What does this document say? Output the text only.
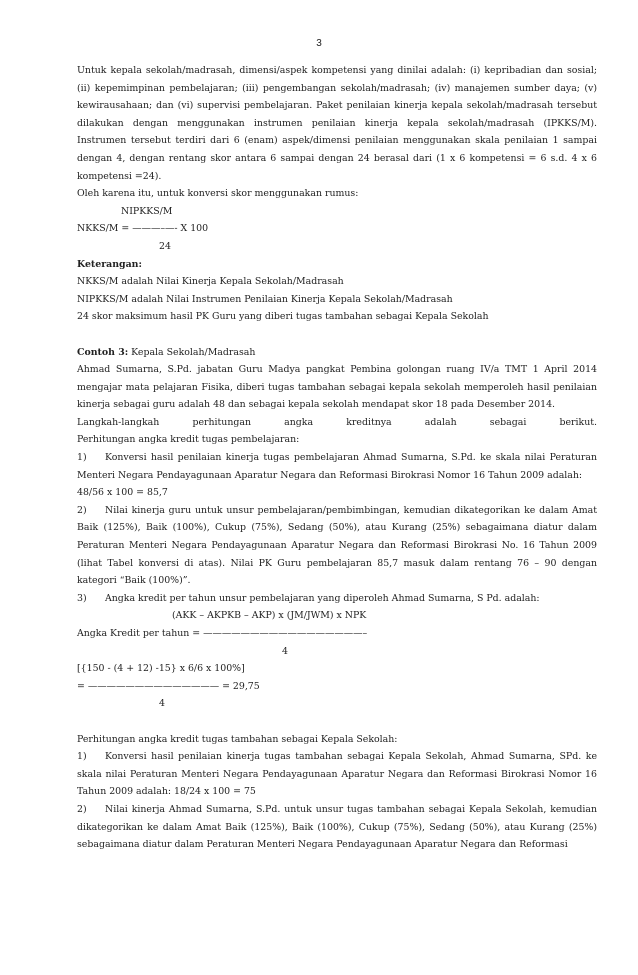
3
Untuk kepala sekolah/madrasah, dimensi/aspek kompetensi yang dinilai adalah: (i) kepribadian dan sosial; (ii) kepemimpinan pembelajaran; (iii) pengembangan sekolah/madrasah; (iv) manajemen sumber daya; (v) kewirausahaan; dan (vi) supervisi pembelajaran. Paket penilaian kinerja kepala sekolah/madrasah tersebut dilakukan dengan menggunakan instrumen penilaian kinerja kepala sekolah/madrasah (IPKKS/M). Instrumen tersebut terdiri dari 6 (enam) aspek/dimensi penilaian menggunakan skala penilaian 1 sampai dengan 4, dengan rentang skor antara 6 sampai dengan 24 berasal dari (1 x 6 kompetensi = 6 s.d. 4 x 6 kompetensi =24).
Oleh karena itu, untuk konversi skor menggunakan rumus:
NIPKKS/M
NKKS/M = ———–—- X 100
24
Keterangan:
NKKS/M adalah Nilai Kinerja Kepala Sekolah/Madrasah
NIPKKS/M adalah Nilai Instrumen Penilaian Kinerja Kepala Sekolah/Madrasah
24 skor maksimum hasil PK Guru yang diberi tugas tambahan sebagai Kepala Sekolah
Contoh 3: Kepala Sekolah/Madrasah
Ahmad Sumarna, S.Pd. jabatan Guru Madya pangkat Pembina golongan ruang IV/a TMT 1 April 2014 mengajar mata pelajaran Fisika, diberi tugas tambahan sebagai kepala sekolah memperoleh hasil penilaian kinerja sebagai guru adalah 48 dan sebagai kepala sekolah mendapat skor 18 pada Desember 2014.
Langkah-langkah perhitungan angka kreditnya adalah sebagai berikut.
Perhitungan angka kredit tugas pembelajaran:
1) Konversi hasil penilaian kinerja tugas pembelajaran Ahmad Sumarna, S.Pd. ke skala nilai Peraturan Menteri Negara Pendayagunaan Aparatur Negara dan Reformasi Birokrasi Nomor 16 Tahun 2009 adalah:
48/56 x 100 = 85,7
2) Nilai kinerja guru untuk unsur pembelajaran/pembimbingan, kemudian dikategorikan ke dalam Amat Baik (125%), Baik (100%), Cukup (75%), Sedang (50%), atau Kurang (25%) sebagaimana diatur dalam Peraturan Menteri Negara Pendayagunaan Aparatur Negara dan Reformasi Birokrasi No. 16 Tahun 2009 (lihat Tabel konversi di atas). Nilai PK Guru pembelajaran 85,7 masuk dalam rentang 76 – 90 dengan kategori “Baik (100%)”.
3) Angka kredit per tahun unsur pembelajaran yang diperoleh Ahmad Sumarna, S Pd. adalah:
(AKK – AKPKB – AKP) x (JM/JWM) x NPK
Angka Kredit per tahun = —————————————————–
4
[{150 - (4 + 12) -15} x 6/6 x 100%]
= —————————————— = 29,75
4
Perhitungan angka kredit tugas tambahan sebagai Kepala Sekolah:
1) Konversi hasil penilaian kinerja tugas tambahan sebagai Kepala Sekolah, Ahmad Sumarna, SPd. ke skala nilai Peraturan Menteri Negara Pendayagunaan Aparatur Negara dan Reformasi Birokrasi Nomor 16 Tahun 2009 adalah: 18/24 x 100 = 75
2) Nilai kinerja Ahmad Sumarna, S.Pd. untuk unsur tugas tambahan sebagai Kepala Sekolah, kemudian dikategorikan ke dalam Amat Baik (125%), Baik (100%), Cukup (75%), Sedang (50%), atau Kurang (25%) sebagaimana diatur dalam Peraturan Menteri Negara Pendayagunaan Aparatur Negara dan Reformasi
